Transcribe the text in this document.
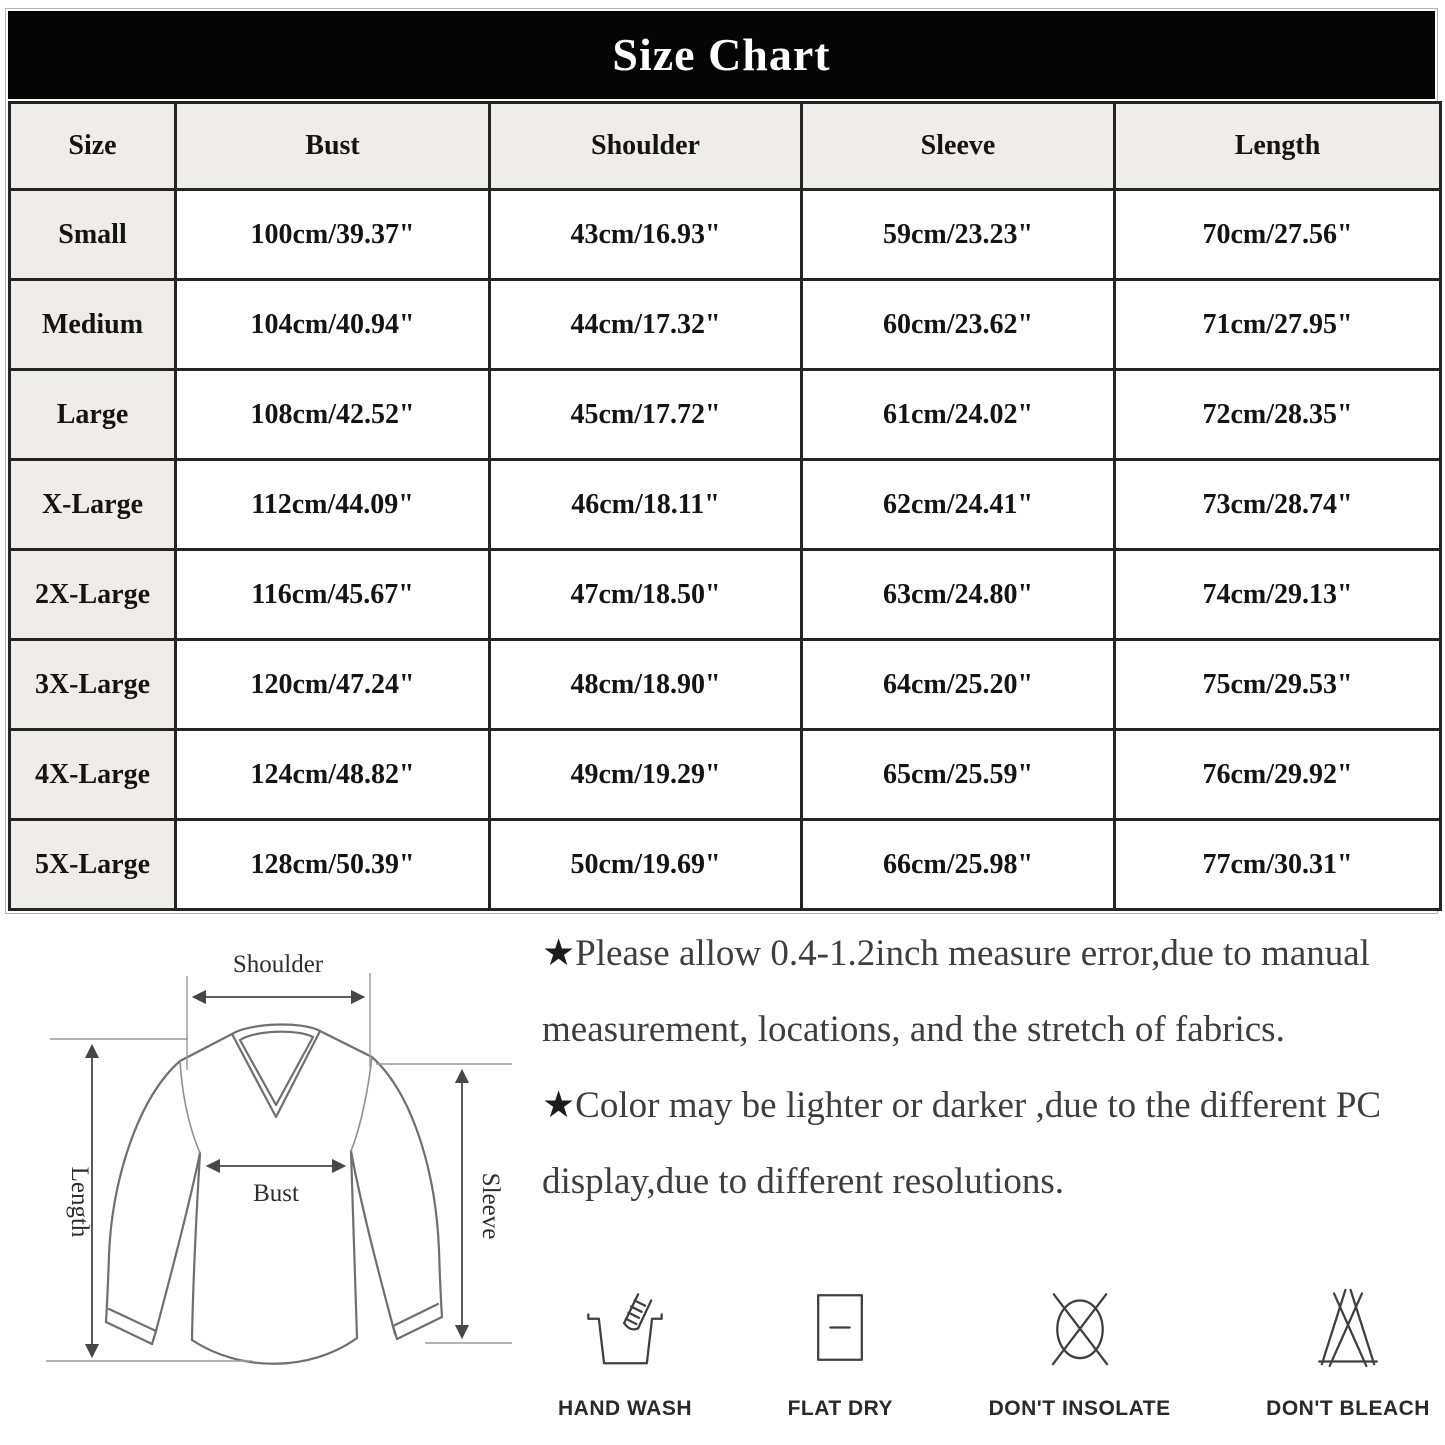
Size Chart
Size	Bust	Shoulder	Sleeve	Length
Small	100cm/39.37"	43cm/16.93"	59cm/23.23"	70cm/27.56"
Medium	104cm/40.94"	44cm/17.32"	60cm/23.62"	71cm/27.95"
Large	108cm/42.52"	45cm/17.72"	61cm/24.02"	72cm/28.35"
X-Large	112cm/44.09"	46cm/18.11"	62cm/24.41"	73cm/28.74"
2X-Large	116cm/45.67"	47cm/18.50"	63cm/24.80"	74cm/29.13"
3X-Large	120cm/47.24"	48cm/18.90"	64cm/25.20"	75cm/29.53"
4X-Large	124cm/48.82"	49cm/19.29"	65cm/25.59"	76cm/29.92"
5X-Large	128cm/50.39"	50cm/19.69"	66cm/25.98"	77cm/30.31"
Shoulder
Length	Bust	Sleeve

★Please allow 0.4-1.2inch measure error,due to manual measurement, locations, and the stretch of fabrics.

★Color may be lighter or darker ,due to the different PC display,due to different resolutions.

HAND WASH	FLAT DRY	DON'T INSOLATE	DON'T BLEACH
